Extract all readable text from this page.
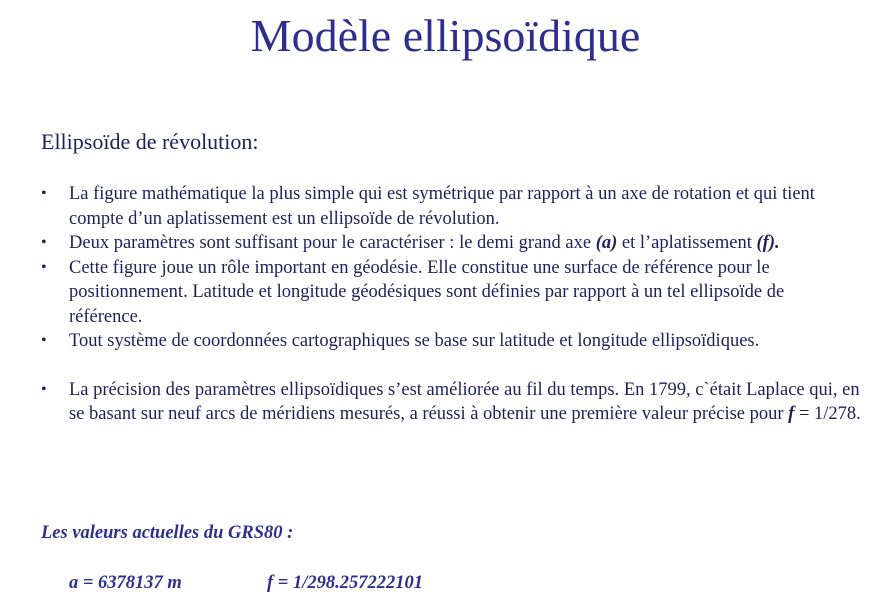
Modèle ellipsoïdique
Ellipsoïde de révolution:
• La figure mathématique la plus simple qui est symétrique par rapport à un axe de rotation et qui tient compte d’un aplatissement est un ellipsoïde de révolution.
• Deux paramètres sont suffisant pour le caractériser : le demi grand axe (a) et l’aplatissement (f).
• Cette figure joue un rôle important en géodésie. Elle constitue une surface de référence pour le positionnement. Latitude et longitude géodésiques sont définies par rapport à un tel ellipsoïde de référence.
• Tout système de coordonnées cartographiques se base sur latitude et longitude ellipsoïdiques.
• La précision des paramètres ellipsoïdiques s’est améliorée au fil du temps. En 1799, c`était Laplace qui, en se basant sur neuf arcs de méridiens mesurés, a réussi à obtenir une première valeur précise pour f = 1/278.
Les valeurs actuelles du GRS80 :
a = 6378137 m	f = 1/298.257222101
